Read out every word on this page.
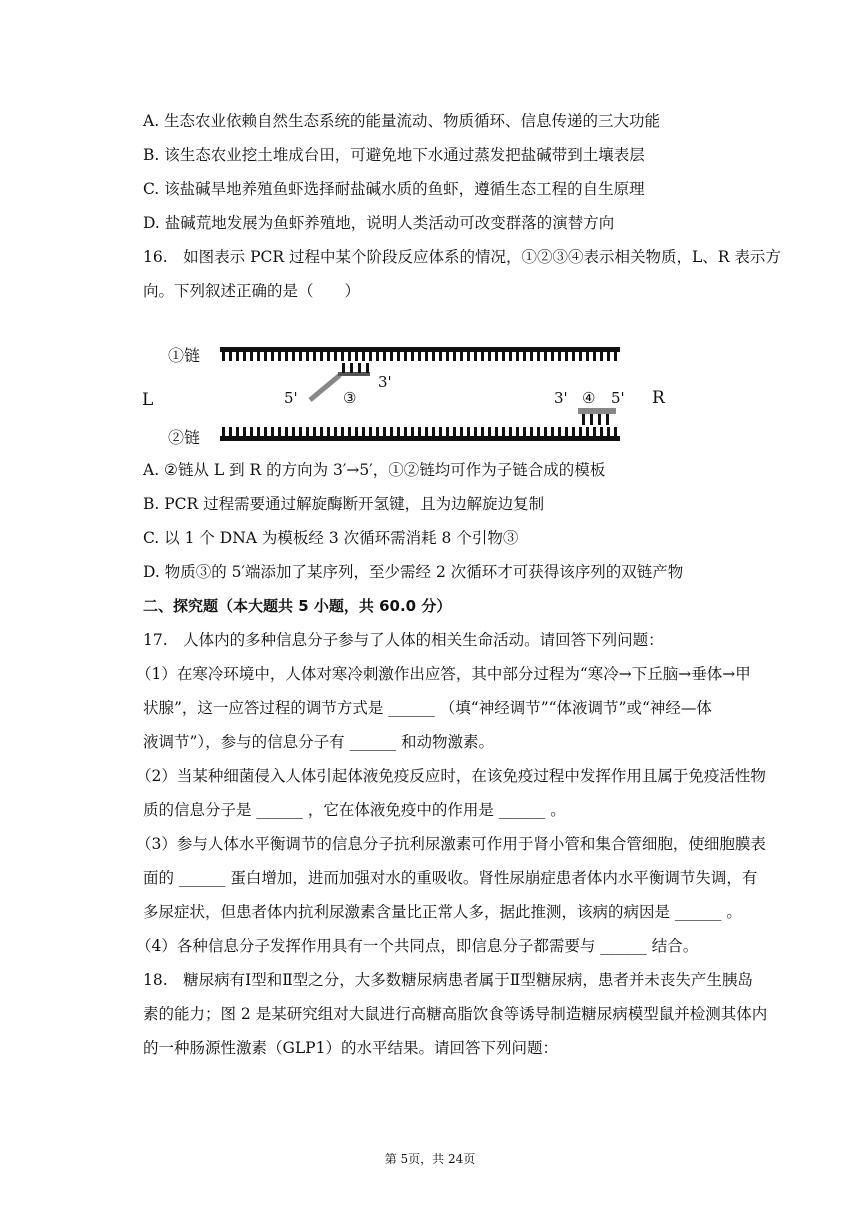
A. 生态农业依赖自然生态系统的能量流动、物质循环、信息传递的三大功能
B. 该生态农业挖土堆成台田，可避免地下水通过蒸发把盐碱带到土壤表层
C. 该盐碱旱地养殖鱼虾选择耐盐碱水质的鱼虾，遵循生态工程的自生原理
D. 盐碱荒地发展为鱼虾养殖地，说明人类活动可改变群落的演替方向
16.　如图表示 PCR 过程中某个阶段反应体系的情况，①②③④表示相关物质，L、R 表示方
向。下列叙述正确的是（　　）
①链
②链
L	R
5'	③
3'
3' ④ 5'
A. ②链从 L 到 R 的方向为 3′→5′，①②链均可作为子链合成的模板
B. PCR 过程需要通过解旋酶断开氢键，且为边解旋边复制
C. 以 1 个 DNA 为模板经 3 次循环需消耗 8 个引物③
D. 物质③的 5′端添加了某序列，至少需经 2 次循环才可获得该序列的双链产物
二、探究题（本大题共 5 小题，共 60.0 分）
17.　人体内的多种信息分子参与了人体的相关生命活动。请回答下列问题：
（1）在寒冷环境中，人体对寒冷刺激作出应答，其中部分过程为“寒冷→下丘脑→垂体→甲
状腺”，这一应答过程的调节方式是 ______ （填“神经调节”“体液调节”或“神经—体
液调节”），参与的信息分子有 ______ 和动物激素。
（2）当某种细菌侵入人体引起体液免疫反应时，在该免疫过程中发挥作用且属于免疫活性物
质的信息分子是 ______ ，它在体液免疫中的作用是 ______ 。
（3）参与人体水平衡调节的信息分子抗利尿激素可作用于肾小管和集合管细胞，使细胞膜表
面的 ______ 蛋白增加，进而加强对水的重吸收。肾性尿崩症患者体内水平衡调节失调，有
多尿症状，但患者体内抗利尿激素含量比正常人多，据此推测，该病的病因是 ______ 。
（4）各种信息分子发挥作用具有一个共同点，即信息分子都需要与 ______ 结合。
18.　糖尿病有Ⅰ型和Ⅱ型之分，大多数糖尿病患者属于Ⅱ型糖尿病，患者并未丧失产生胰岛
素的能力；图 2 是某研究组对大鼠进行高糖高脂饮食等诱导制造糖尿病模型鼠并检测其体内
的一种肠源性激素（GLP1）的水平结果。请回答下列问题：
第 5页，共 24页
